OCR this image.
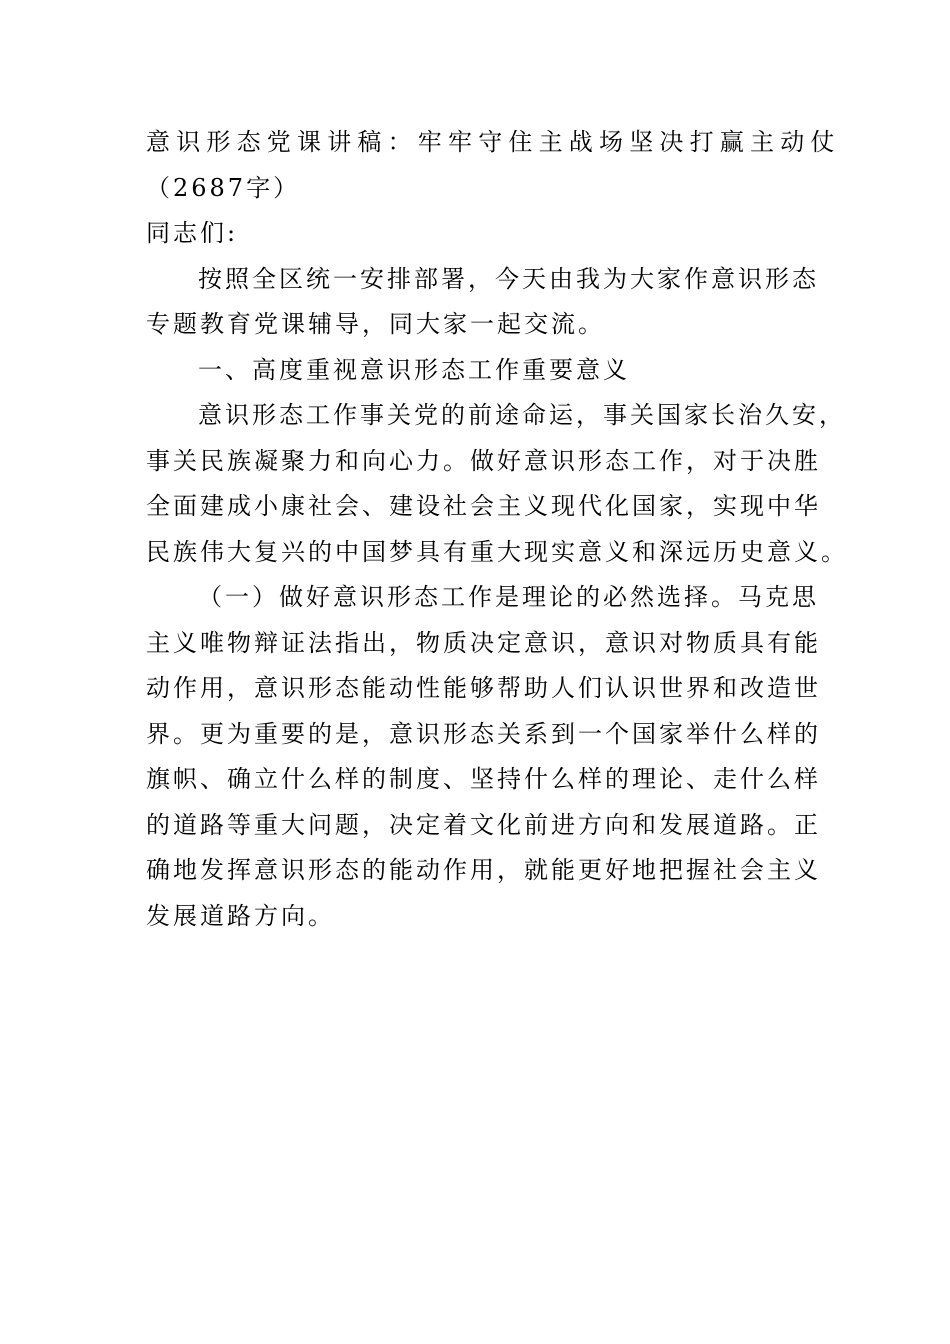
意识形态党课讲稿：牢牢守住主战场坚决打赢主动仗
（2687字）
同志们:
按照全区统一安排部署，今天由我为大家作意识形态
专题教育党课辅导，同大家一起交流。
一、高度重视意识形态工作重要意义
意识形态工作事关党的前途命运，事关国家长治久安，
事关民族凝聚力和向心力。做好意识形态工作，对于决胜
全面建成小康社会、建设社会主义现代化国家，实现中华
民族伟大复兴的中国梦具有重大现实意义和深远历史意义。
（一）做好意识形态工作是理论的必然选择。马克思
主义唯物辩证法指出，物质决定意识，意识对物质具有能
动作用，意识形态能动性能够帮助人们认识世界和改造世
界。更为重要的是，意识形态关系到一个国家举什么样的
旗帜、确立什么样的制度、坚持什么样的理论、走什么样
的道路等重大问题，决定着文化前进方向和发展道路。正
确地发挥意识形态的能动作用，就能更好地把握社会主义
发展道路方向。
